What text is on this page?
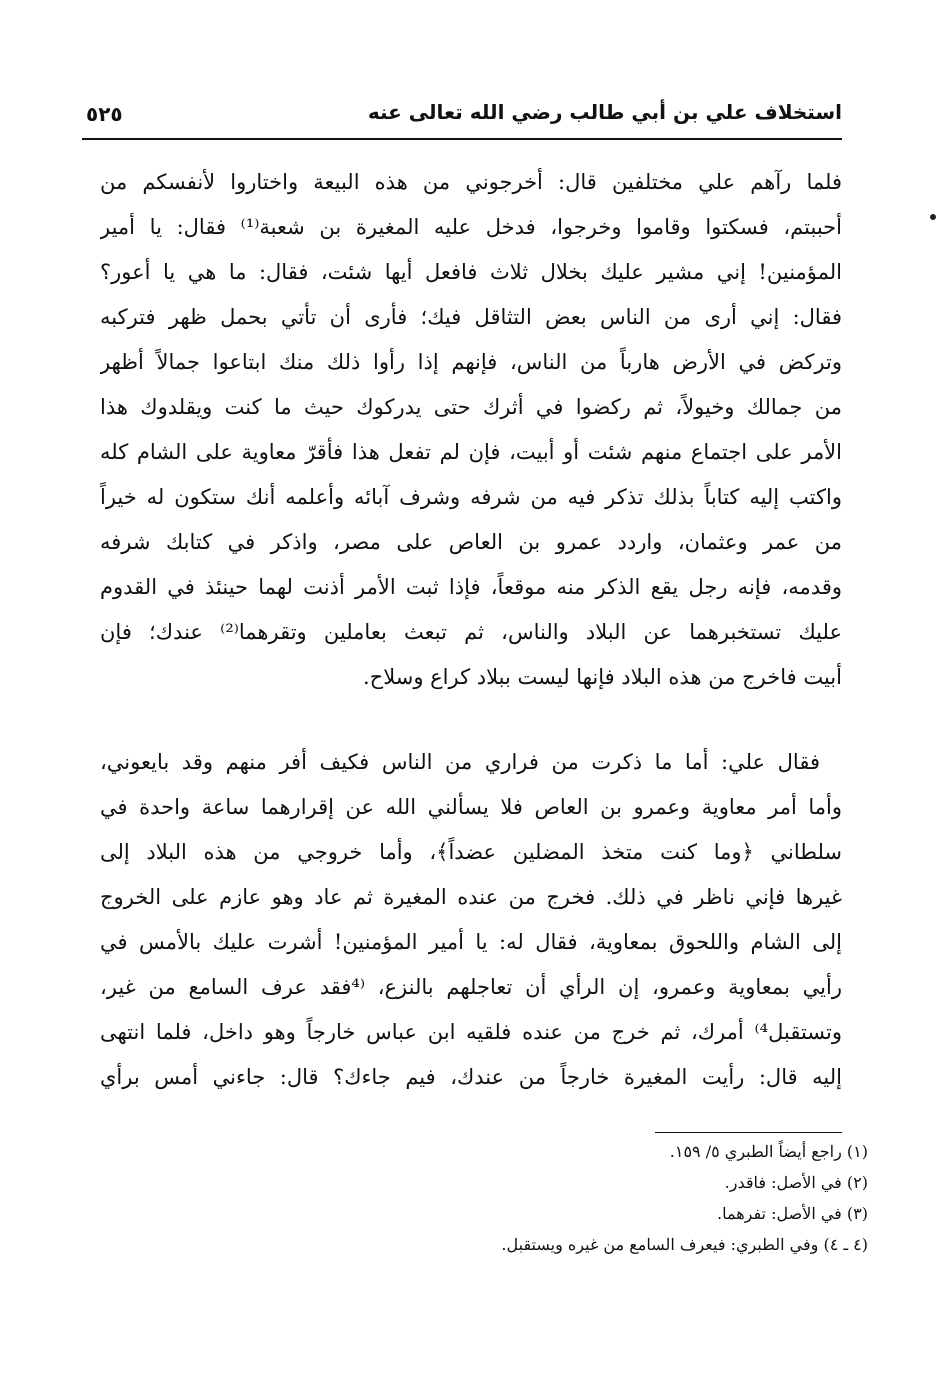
استخلاف علي بن أبي طالب رضي الله تعالى عنه
٥٢٥
فلما رآهم علي مختلفين قال: أخرجوني من هذه البيعة واختاروا لأنفسكم من
أحببتم، فسكتوا وقاموا وخرجوا، فدخل عليه المغيرة بن شعبة⁽¹⁾ فقال: يا أمير
المؤمنين! إني مشير عليك بخلال ثلاث فافعل أيها شئت، فقال: ما هي يا أعور؟
فقال: إني أرى من الناس بعض التثاقل فيك؛ فأرى أن تأتي بحمل ظهر فتركبه
وتركض في الأرض هارباً من الناس، فإنهم إذا رأوا ذلك منك ابتاعوا جمالاً أظهر
من جمالك وخيولاً، ثم ركضوا في أثرك حتى يدركوك حيث ما كنت ويقلدوك هذا
الأمر على اجتماع منهم شئت أو أبيت، فإن لم تفعل هذا فأقرّ معاوية على الشام كله
واكتب إليه كتاباً بذلك تذكر فيه من شرفه وشرف آبائه وأعلمه أنك ستكون له خيراً
من عمر وعثمان، واردد عمرو بن العاص على مصر، واذكر في كتابك شرفه
وقدمه، فإنه رجل يقع الذكر منه موقعاً، فإذا ثبت الأمر أذنت لهما حينئذ في القدوم
عليك تستخبرهما عن البلاد والناس، ثم تبعث بعاملين وتقرهما⁽²⁾ عندك؛ فإن
أبيت فاخرج من هذه البلاد فإنها ليست ببلاد كراع وسلاح.
فقال علي: أما ما ذكرت من فراري من الناس فكيف أفر منهم وقد بايعوني،
وأما أمر معاوية وعمرو بن العاص فلا يسألني الله عن إقرارهما ساعة واحدة في
سلطاني ﴿وما كنت متخذ المضلين عضداً﴾، وأما خروجي من هذه البلاد إلى
غيرها فإني ناظر في ذلك. فخرج من عنده المغيرة ثم عاد وهو عازم على الخروج
إلى الشام واللحوق بمعاوية، فقال له: يا أمير المؤمنين! أشرت عليك بالأمس في
رأيي بمعاوية وعمرو، إن الرأي أن تعاجلهم بالنزع، ⁽⁴فقد عرف السامع من غير،
وتستقبل⁴⁾ أمرك، ثم خرج من عنده فلقيه ابن عباس خارجاً وهو داخل، فلما انتهى
إليه قال: رأيت المغيرة خارجاً من عندك، فيم جاءك؟ قال: جاءني أمس برأي
(١) راجع أيضاً الطبري ٥/ ١٥٩.
(٢) في الأصل: فاقدر.
(٣) في الأصل: تفرهما.
(٤ ـ ٤) وفي الطبري: فيعرف السامع من غيره ويستقبل.
